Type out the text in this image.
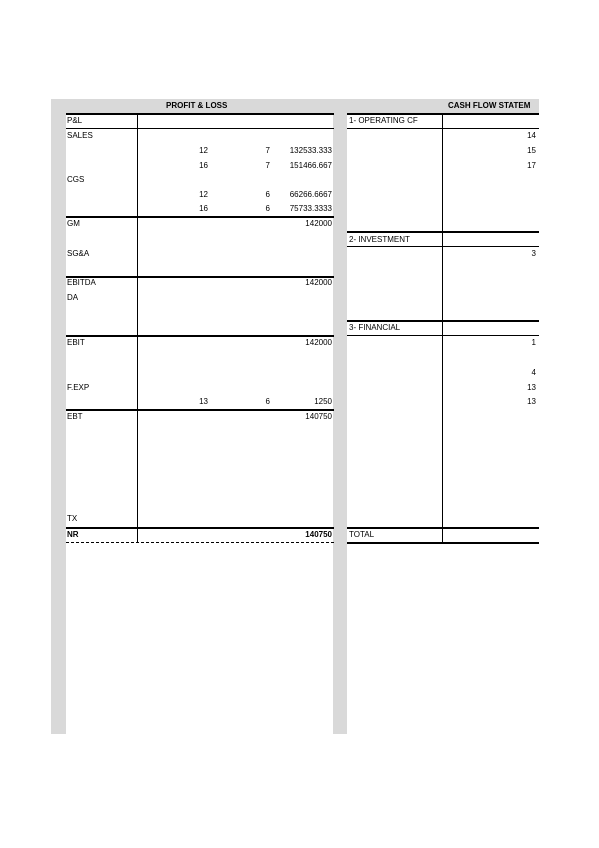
PROFIT & LOSS	CASH FLOW STATEM
P&L
SALES
12	7	132533.333
16	7	151466.667
CGS
12	6	66266.6667
16	6	75733.3333
GM	142000
SG&A
EBITDA	142000
DA
EBIT	142000
F.EXP
13	6	1250
EBT	140750
TX
NR	140750
1- OPERATING CF
14
15
17
2- INVESTMENT
3
3- FINANCIAL
1
4
13
13
TOTAL
